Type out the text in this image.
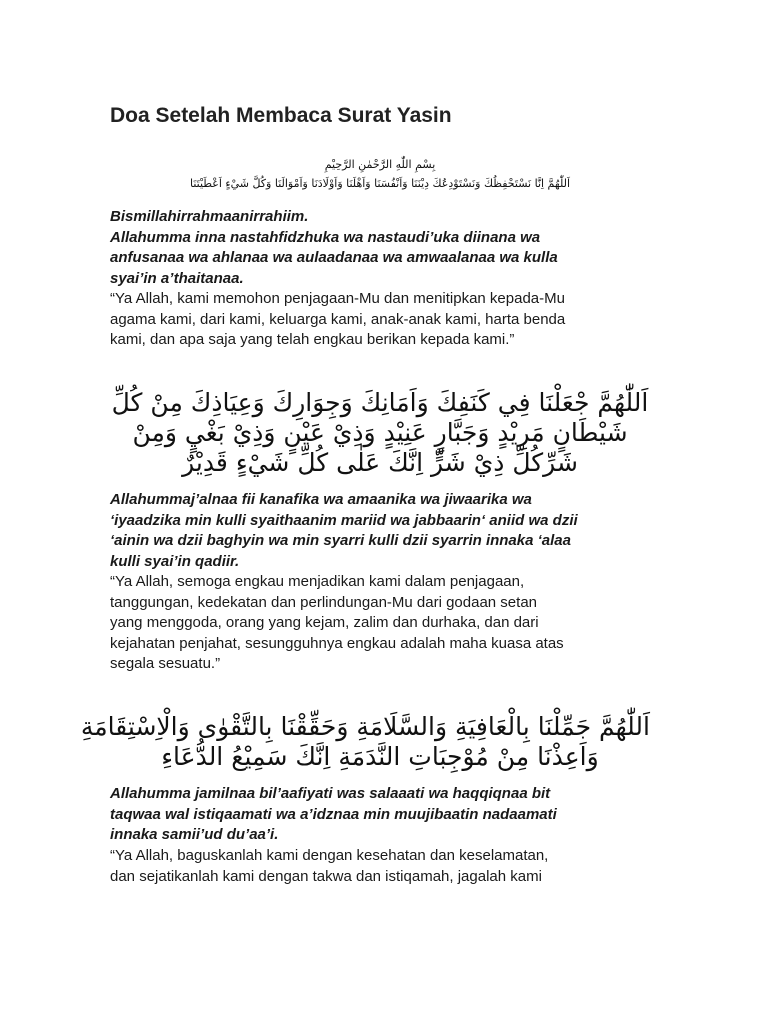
Doa Setelah Membaca Surat Yasin

بِسْمِ اللّٰهِ الرَّحْمٰنِ الرَّحِيْمِ

اَللّٰهُمَّ اِنَّا نَسْتَحْفِظُكَ وَنَسْتَوْدِعُكَ دِيْنَنَا وَاَنْفُسَنَا وَاَهْلَنَا وَاَوْلَادَنَا وَاَمْوَالَنَا وَكُلَّ شَيْءٍ اَعْطَيْتَنَا

Bismillahirrahmaanirrahiim.

Allahumma inna nastahfidzhuka wa nastaudi’uka diinana wa

anfusanaa wa ahlanaa wa aulaadanaa wa amwaalanaa wa kulla

syai’in a’thaitanaa.

“Ya Allah, kami memohon penjagaan-Mu dan menitipkan kepada-Mu

agama kami, dari kami, keluarga kami, anak-anak kami, harta benda

kami, dan apa saja yang telah engkau berikan kepada kami.”

اَللّٰهُمَّ جْعَلْنَا فِي كَنَفِكَ وَاَمَانِكَ وَجِوَارِكَ وَعِيَاذِكَ مِنْ كُلِّ

شَيْطَانٍ مَرِيْدٍ وَجَبَّارٍ عَنِيْدٍ وَذِيْ عَيْنٍ وَذِيْ بَغْيٍ وَمِنْ

شَرِّكُلِّ ذِيْ شَرٍّ اِنَّكَ عَلٰى كُلِّ شَيْءٍ قَدِيْرٌ

Allahummaj’alnaa fii kanafika wa amaanika wa jiwaarika wa

‘iyaadzika min kulli syaithaanim mariid wa jabbaarin‘ aniid wa dzii

‘ainin wa dzii baghyin wa min syarri kulli dzii syarrin innaka ‘alaa

kulli syai’in qadiir.

“Ya Allah, semoga engkau menjadikan kami dalam penjagaan,

tanggungan, kedekatan dan perlindungan-Mu dari godaan setan

yang menggoda, orang yang kejam, zalim dan durhaka, dan dari

kejahatan penjahat, sesungguhnya engkau adalah maha kuasa atas

segala sesuatu.”

اَللّٰهُمَّ جَمِّلْنَا بِالْعَافِيَةِ وَالسَّلَامَةِ وَحَقِّقْنَا بِالتَّقْوٰى وَالْاِسْتِقَامَةِ

وَاَعِذْنَا مِنْ مُوْجِبَاتِ النَّدَمَةِ اِنَّكَ سَمِيْعُ الدُّعَاءِ

Allahumma jamilnaa bil’aafiyati was salaaati wa haqqiqnaa bit

taqwaa wal istiqaamati wa a’idznaa min muujibaatin nadaamati

innaka samii’ud du’aa’i.

“Ya Allah, baguskanlah kami dengan kesehatan dan keselamatan,

dan sejatikanlah kami dengan takwa dan istiqamah, jagalah kami
